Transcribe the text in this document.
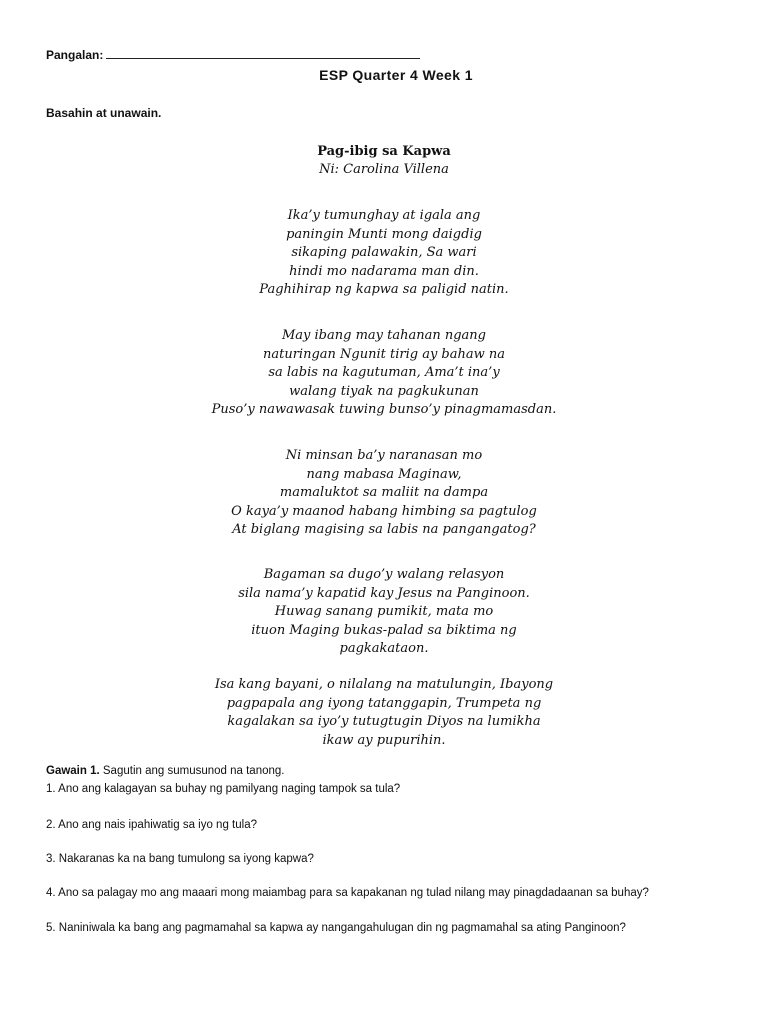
Pangalan:
ESP Quarter 4 Week 1
Basahin at unawain.
Pag-ibig sa Kapwa
Ni: Carolina Villena
Ika’y tumunghay at igala ang
paningin Munti mong daigdig
sikaping palawakin, Sa wari
hindi mo nadarama man din.
Paghihirap ng kapwa sa paligid natin.
May ibang may tahanan ngang
naturingan Ngunit tirig ay bahaw na
sa labis na kagutuman, Ama’t ina’y
walang tiyak na pagkukunan
Puso’y nawawasak tuwing bunso’y pinagmamasdan.
Ni minsan ba’y naranasan mo
nang mabasa Maginaw,
mamaluktot sa maliit na dampa
O kaya’y maanod habang himbing sa pagtulog
At biglang magising sa labis na pangangatog?
Bagaman sa dugo’y walang relasyon
sila nama’y kapatid kay Jesus na Panginoon.
Huwag sanang pumikit, mata mo
ituon Maging bukas-palad sa biktima ng
pagkakataon.
Isa kang bayani, o nilalang na matulungin, Ibayong
pagpapala ang iyong tatanggapin, Trumpeta ng
kagalakan sa iyo’y tutugtugin Diyos na lumikha
ikaw ay pupurihin.
Gawain 1. Sagutin ang sumusunod na tanong.
1. Ano ang kalagayan sa buhay ng pamilyang naging tampok sa tula?
2. Ano ang nais ipahiwatig sa iyo ng tula?
3. Nakaranas ka na bang tumulong sa iyong kapwa?
4. Ano sa palagay mo ang maaari mong maiambag para sa kapakanan ng tulad nilang may pinagdadaanan sa buhay?
5. Naniniwala ka bang ang pagmamahal sa kapwa ay nangangahulugan din ng pagmamahal sa ating Panginoon?
